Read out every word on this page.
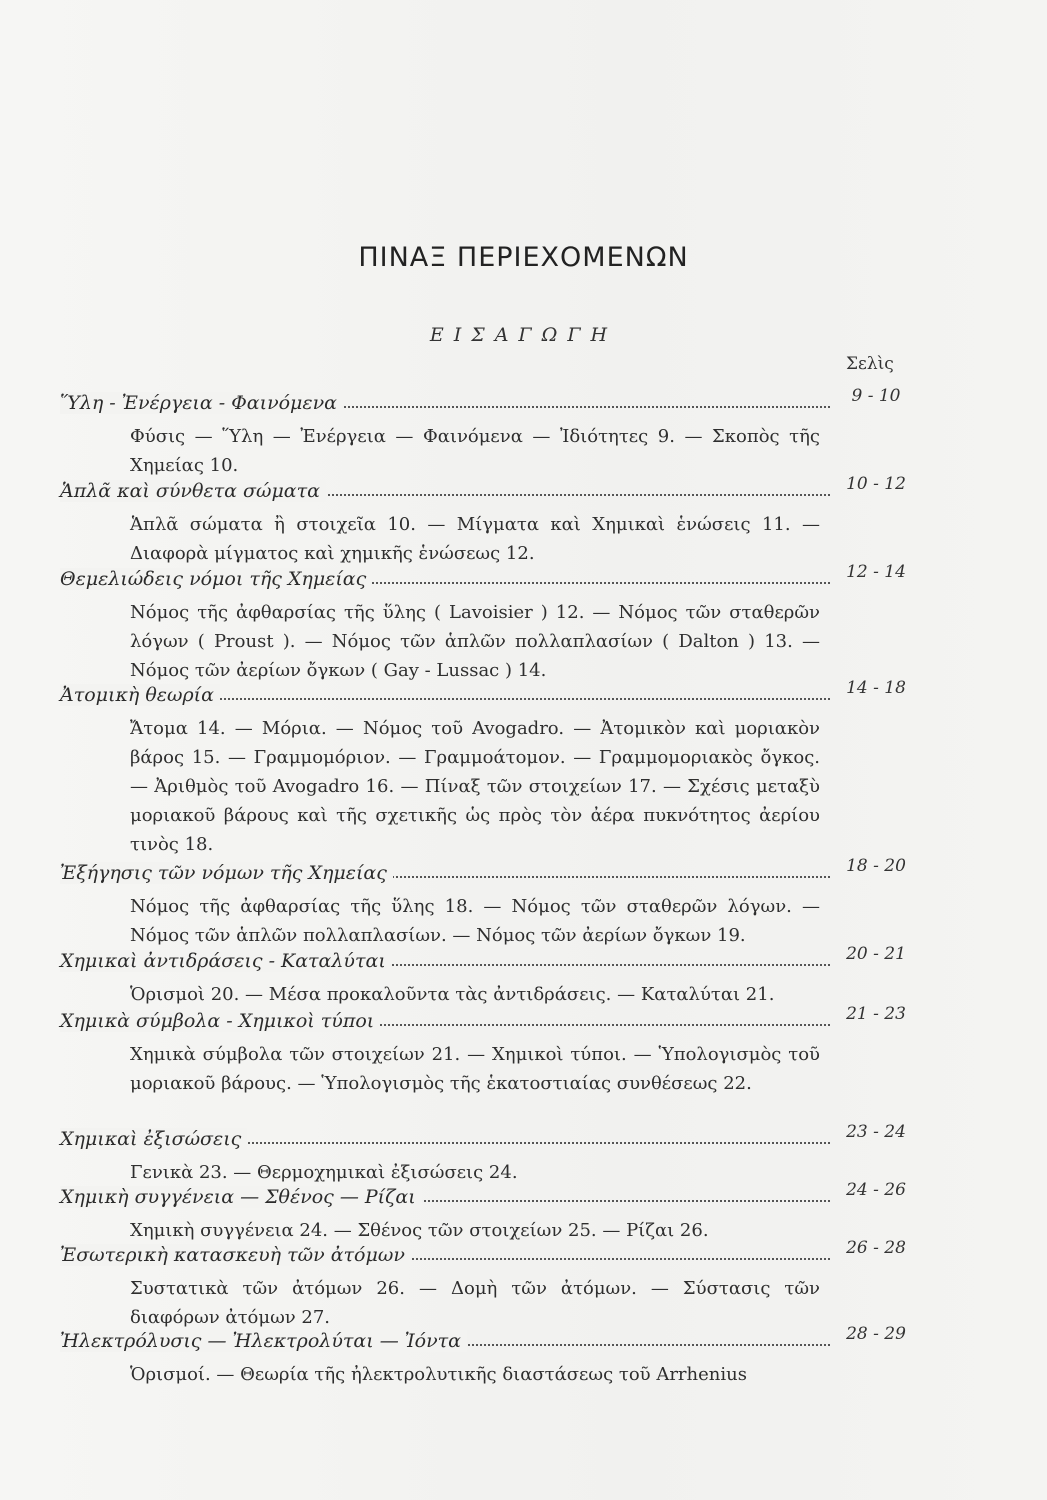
ΠΙΝΑΞ ΠΕΡΙΕΧΟΜΕΝΩΝ
ΕΙΣΑΓΩΓΗ
Σελὶς
Ὕλη - Ἐνέργεια - Φαινόμενα	9 - 10
Φύσις — Ὕλη — Ἐνέργεια — Φαινόμενα — Ἰδιότητες 9. — Σκοπὸς τῆς Χημείας 10.
Ἁπλᾶ καὶ σύνθετα σώματα	10 - 12
Ἁπλᾶ σώματα ἢ στοιχεῖα 10. — Μίγματα καὶ Χημικαὶ ἑνώσεις 11. — Διαφορὰ μίγματος καὶ χημικῆς ἑνώσεως 12.
Θεμελιώδεις νόμοι τῆς Χημείας	12 - 14
Νόμος τῆς ἀφθαρσίας τῆς ὕλης ( Lavoisier ) 12. — Νόμος τῶν σταθερῶν λόγων ( Proust ). — Νόμος τῶν ἁπλῶν πολλαπλασίων ( Dalton ) 13. — Νόμος τῶν ἀερίων ὄγκων ( Gay - Lussac ) 14.
Ἀτομικὴ θεωρία	14 - 18
Ἄτομα 14. — Μόρια. — Νόμος τοῦ Avogadro. — Ἀτομικὸν καὶ μοριακὸν βάρος 15. — Γραμμομόριον. — Γραμμοάτομον. — Γραμμομοριακὸς ὄγκος. — Ἀριθμὸς τοῦ Avogadro 16. — Πίναξ τῶν στοιχείων 17. — Σχέσις μεταξὺ μοριακοῦ βάρους καὶ τῆς σχετικῆς ὡς πρὸς τὸν ἀέρα πυκνότητος ἀερίου τινὸς 18.
Ἐξήγησις τῶν νόμων τῆς Χημείας	18 - 20
Νόμος τῆς ἀφθαρσίας τῆς ὕλης 18. — Νόμος τῶν σταθερῶν λόγων. — Νόμος τῶν ἁπλῶν πολλαπλασίων. — Νόμος τῶν ἀερίων ὄγκων 19.
Χημικαὶ ἀντιδράσεις - Καταλύται	20 - 21
Ὁρισμοὶ 20. — Μέσα προκαλοῦντα τὰς ἀντιδράσεις. — Καταλύται 21.
Χημικὰ σύμβολα - Χημικοὶ τύποι	21 - 23
Χημικὰ σύμβολα τῶν στοιχείων 21. — Χημικοὶ τύποι. — Ὑπολογισμὸς τοῦ μοριακοῦ βάρους. — Ὑπολογισμὸς τῆς ἑκατοστιαίας συνθέσεως 22.
Χημικαὶ ἐξισώσεις	23 - 24
Γενικὰ 23. — Θερμοχημικαὶ ἐξισώσεις 24.
Χημικὴ συγγένεια — Σθένος — Ρίζαι	24 - 26
Χημικὴ συγγένεια 24. — Σθένος τῶν στοιχείων 25. — Ρίζαι 26.
Ἐσωτερικὴ κατασκευὴ τῶν ἀτόμων	26 - 28
Συστατικὰ τῶν ἀτόμων 26. — Δομὴ τῶν ἀτόμων. — Σύστασις τῶν διαφόρων ἀτόμων 27.
Ἠλεκτρόλυσις — Ἠλεκτρολύται — Ἰόντα	28 - 29
Ὁρισμοί. — Θεωρία τῆς ἠλεκτρολυτικῆς διαστάσεως τοῦ Arrhenius
